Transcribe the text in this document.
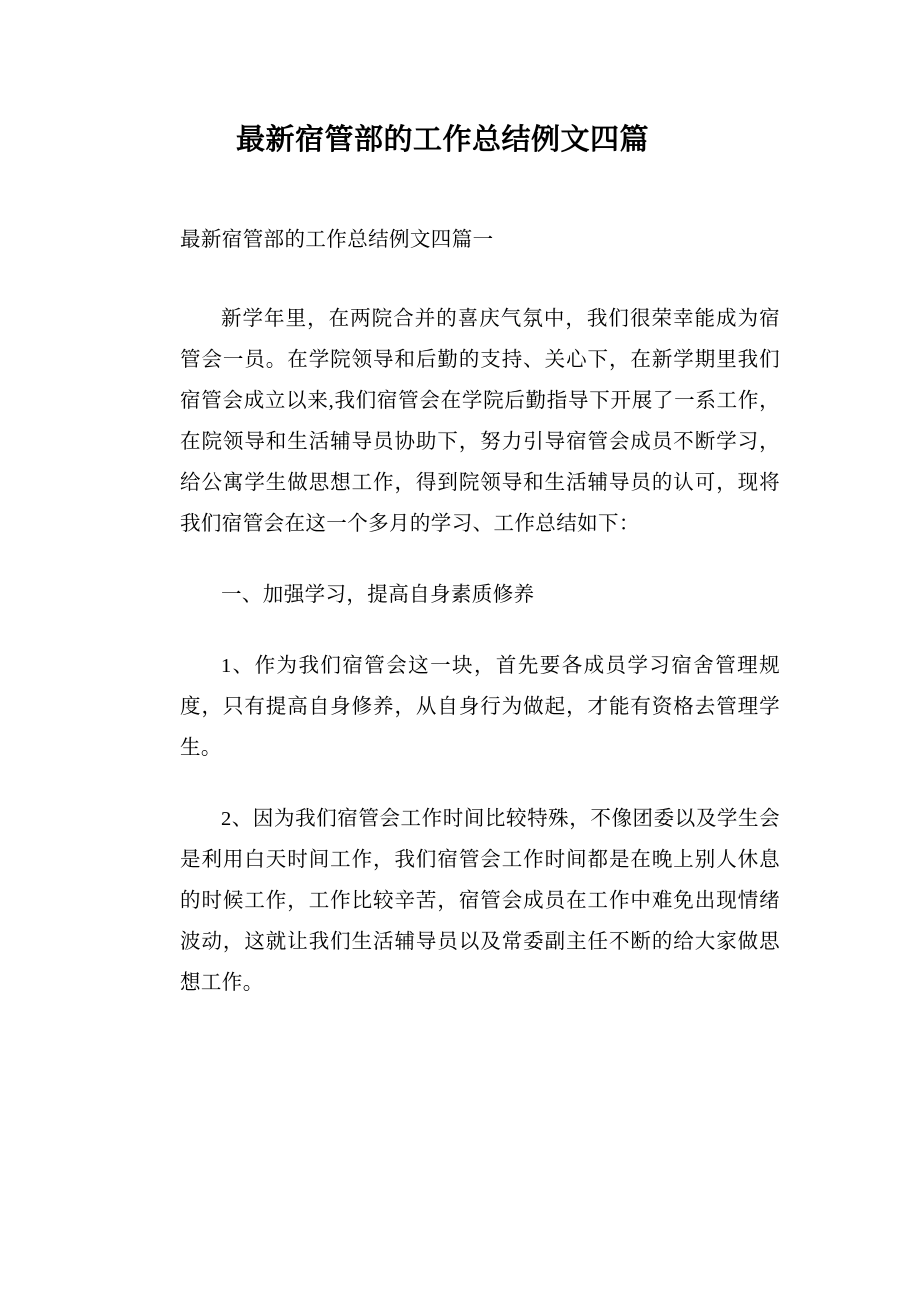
最新宿管部的工作总结例文四篇

最新宿管部的工作总结例文四篇一

新学年里，在两院合并的喜庆气氛中，我们很荣幸能成为宿管会一员。在学院领导和后勤的支持、关心下，在新学期里我们宿管会成立以来,我们宿管会在学院后勤指导下开展了一系工作，在院领导和生活辅导员协助下，努力引导宿管会成员不断学习，给公寓学生做思想工作，得到院领导和生活辅导员的认可，现将我们宿管会在这一个多月的学习、工作总结如下：

一、加强学习，提高自身素质修养

1、作为我们宿管会这一块，首先要各成员学习宿舍管理规度，只有提高自身修养，从自身行为做起，才能有资格去管理学生。

2、因为我们宿管会工作时间比较特殊，不像团委以及学生会是利用白天时间工作，我们宿管会工作时间都是在晚上别人休息的时候工作，工作比较辛苦，宿管会成员在工作中难免出现情绪波动，这就让我们生活辅导员以及常委副主任不断的给大家做思想工作。
